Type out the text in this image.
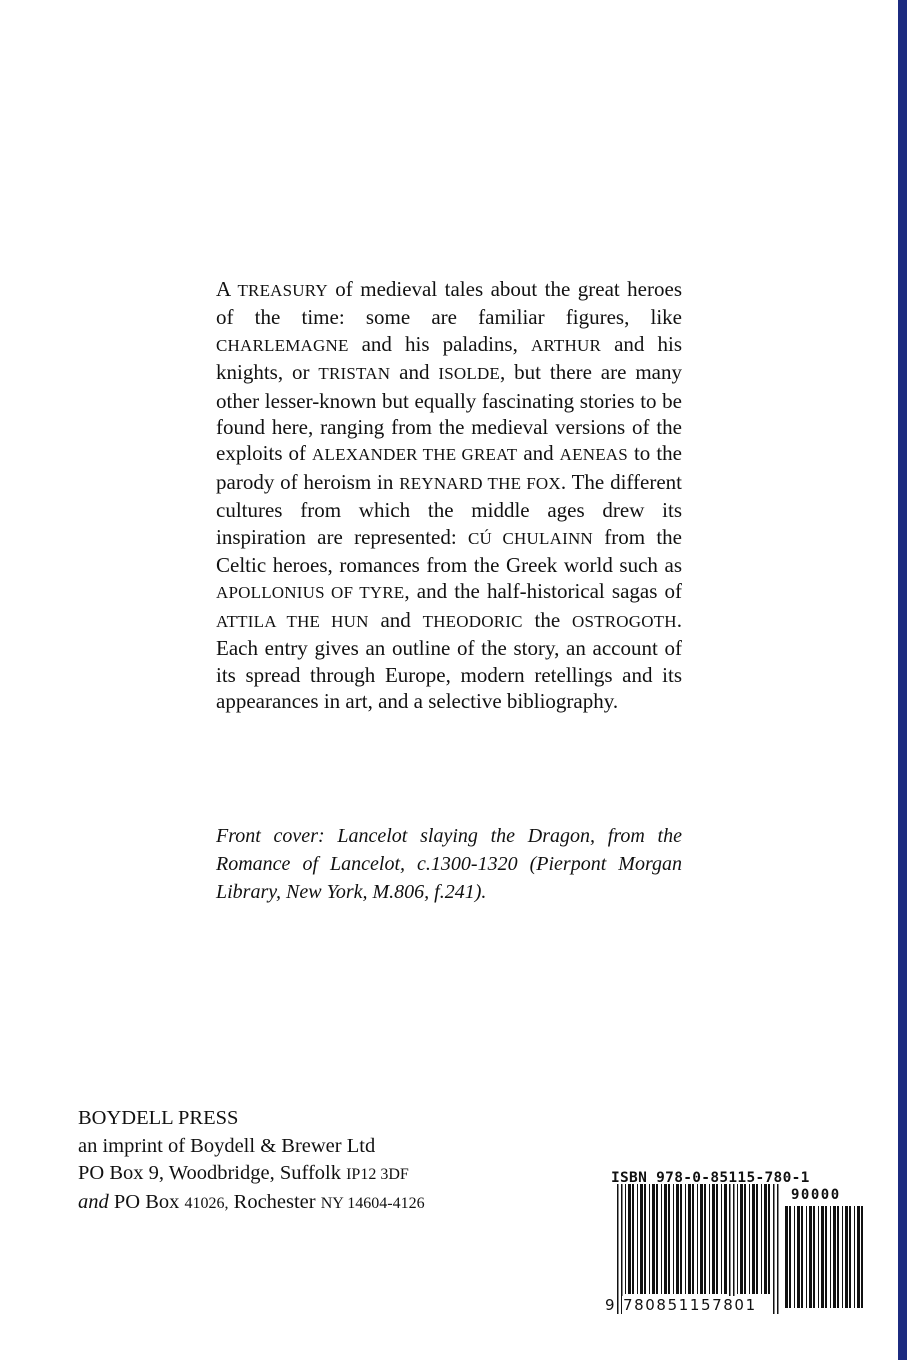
A TREASURY of medieval tales about the great heroes of the time: some are familiar figures, like CHARLEMAGNE and his paladins, ARTHUR and his knights, or TRISTAN and ISOLDE, but there are many other lesser-known but equally fascinating stories to be found here, ranging from the medieval versions of the exploits of ALEXANDER THE GREAT and AENEAS to the parody of heroism in REYNARD THE FOX. The different cultures from which the middle ages drew its inspiration are represented: CÚ CHULAINN from the Celtic heroes, romances from the Greek world such as APOLLONIUS OF TYRE, and the half-historical sagas of ATTILA THE HUN and THEODORIC the OSTROGOTH. Each entry gives an outline of the story, an account of its spread through Europe, modern retellings and its appearances in art, and a selective bibliography.
Front cover: Lancelot slaying the Dragon, from the Romance of Lancelot, c.1300-1320 (Pierpont Morgan Library, New York, M.806, f.241).
BOYDELL PRESS
an imprint of Boydell & Brewer Ltd
PO Box 9, Woodbridge, Suffolk IP12 3DF
and PO Box 41026, Rochester NY 14604-4126
ISBN 978-0-85115-780-1
90000
9 780851157801
